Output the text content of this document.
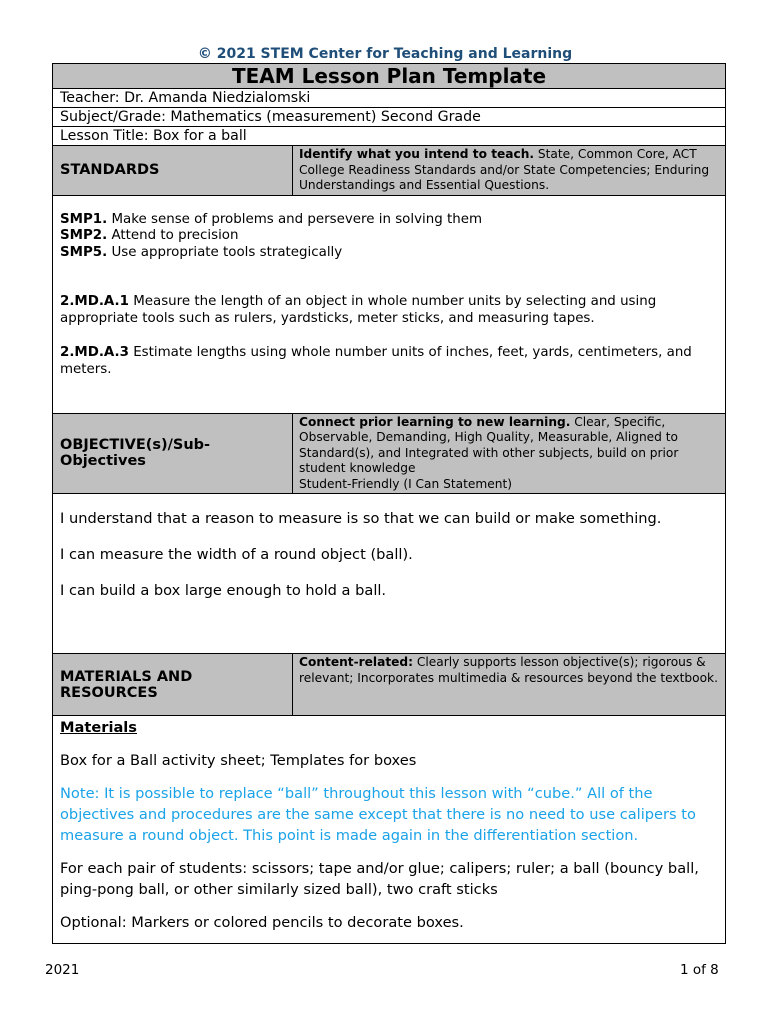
© 2021 STEM Center for Teaching and Learning
TEAM Lesson Plan Template	
Teacher: Dr. Amanda Niedzialomski	
Subject/Grade: Mathematics (measurement) Second Grade	
Lesson Title: Box for a ball	
STANDARDS	Identify what you intend to teach. State, Common Core, ACT College Readiness Standards and/or State Competencies; Enduring Understandings and Essential Questions.

SMP1. Make sense of problems and persevere in solving them

SMP2. Attend to precision

SMP5. Use appropriate tools strategically

2.MD.A.1 Measure the length of an object in whole number units by selecting and using appropriate tools such as rulers, yardsticks, meter sticks, and measuring tapes.

2.MD.A.3 Estimate lengths using whole number units of inches, feet, yards, centimeters, and meters.	

OBJECTIVE(s)/Sub-Objectives	Connect prior learning to new learning. Clear, Specific, Observable, Demanding, High Quality, Measurable, Aligned to Standard(s), and Integrated with other subjects, build on prior student knowledge
Student-Friendly (I Can Statement)

I understand that a reason to measure is so that we can build or make something.

I can measure the width of a round object (ball).

I can build a box large enough to hold a ball.	

MATERIALS AND RESOURCES	Content-related: Clearly supports lesson objective(s); rigorous & relevant; Incorporates multimedia & resources beyond the textbook.

Materials

Box for a Ball activity sheet; Templates for boxes

Note: It is possible to replace “ball” throughout this lesson with “cube.” All of the objectives and procedures are the same except that there is no need to use calipers to measure a round object. This point is made again in the differentiation section.

For each pair of students: scissors; tape and/or glue; calipers; ruler; a ball (bouncy ball, ping-pong ball, or other similarly sized ball), two craft sticks

Optional: Markers or colored pencils to decorate boxes.	

2021	1 of 8
